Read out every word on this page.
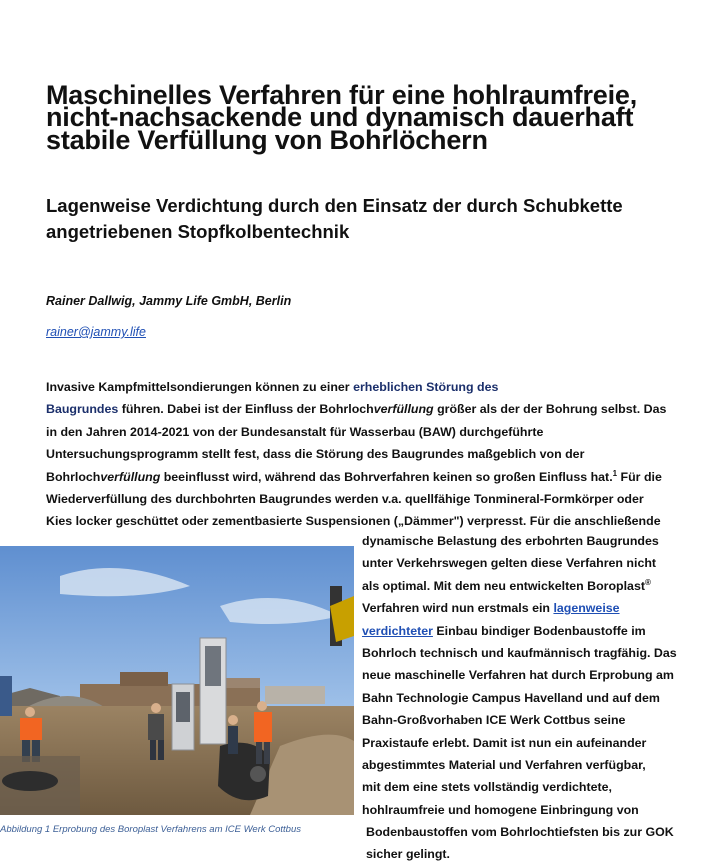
Maschinelles Verfahren für eine hohlraumfreie,
nicht-nachsackende und dynamisch dauerhaft
stabile Verfüllung von Bohrlöchern
Lagenweise Verdichtung durch den Einsatz der durch Schubkette
angetriebenen Stopfkolbentechnik
Rainer Dallwig, Jammy Life GmbH, Berlin
rainer@jammy.life

Invasive Kampfmittelsondierungen können zu einer erheblichen Störung des
Baugrundes führen. Dabei ist der Einfluss der Bohrlochverfüllung größer als der der Bohrung selbst. Das
in den Jahren 2014-2021 von der Bundesanstalt für Wasserbau (BAW) durchgeführte
Untersuchungsprogramm stellt fest, dass die Störung des Baugrundes maßgeblich von der
Bohrlochverfüllung beeinflusst wird, während das Bohrverfahren keinen so großen Einfluss hat.$^1$ Für die
Wiederverfüllung des durchbohrten Baugrundes werden v.a. quellfähige Tonmineral-Formkörper oder
Kies locker geschüttet oder zementbasierte Suspensionen („Dämmer") verpresst. Für die anschließende

Abbildung 1 Erprobung des Boroplast Verfahrens am ICE Werk Cottbus

dynamische Belastung des erbohrten Baugrundes
unter Verkehrswegen gelten diese Verfahren nicht
als optimal. Mit dem neu entwickelten Boroplast®
Verfahren wird nun erstmals ein lagenweise
verdichteter Einbau bindiger Bodenbaustoffe im
Bohrloch technisch und kaufmännisch tragfähig. Das
neue maschinelle Verfahren hat durch Erprobung am
Bahn Technologie Campus Havelland und auf dem
Bahn-Großvorhaben ICE Werk Cottbus seine
Praxistaufe erlebt. Damit ist nun ein aufeinander
abgestimmtes Material und Verfahren verfügbar,
mit dem eine stets vollständig verdichtete,
hohlraumfreie und homogene Einbringung von
Bodenbaustoffen vom Bohrlochtiefsten bis zur GOK
sicher gelingt.
